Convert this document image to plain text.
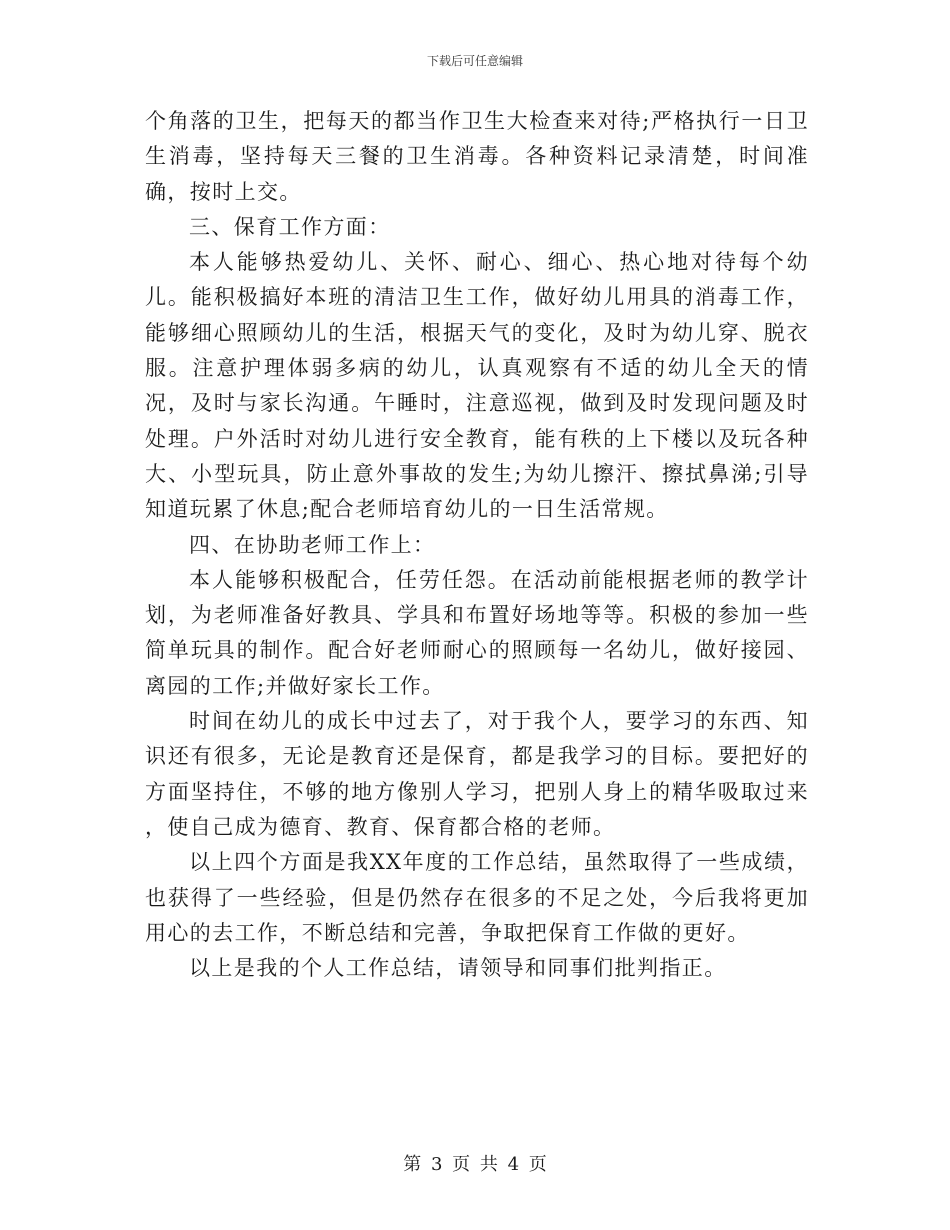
下载后可任意编辑

个角落的卫生，把每天的都当作卫生大检查来对待;严格执行一日卫生消毒，坚持每天三餐的卫生消毒。各种资料记录清楚，时间准确，按时上交。

三、保育工作方面：

本人能够热爱幼儿、关怀、耐心、细心、热心地对待每个幼儿。能积极搞好本班的清洁卫生工作，做好幼儿用具的消毒工作，能够细心照顾幼儿的生活，根据天气的变化，及时为幼儿穿、脱衣服。注意护理体弱多病的幼儿，认真观察有不适的幼儿全天的情况，及时与家长沟通。午睡时，注意巡视，做到及时发现问题及时处理。户外活时对幼儿进行安全教育，能有秩的上下楼以及玩各种大、小型玩具，防止意外事故的发生;为幼儿擦汗、擦拭鼻涕;引导知道玩累了休息;配合老师培育幼儿的一日生活常规。

四、在协助老师工作上：

本人能够积极配合，任劳任怨。在活动前能根据老师的教学计划，为老师准备好教具、学具和布置好场地等等。积极的参加一些简单玩具的制作。配合好老师耐心的照顾每一名幼儿，做好接园、离园的工作;并做好家长工作。

时间在幼儿的成长中过去了，对于我个人，要学习的东西、知识还有很多，无论是教育还是保育，都是我学习的目标。要把好的方面坚持住，不够的地方像别人学习，把别人身上的精华吸取过来 ，使自己成为德育、教育、保育都合格的老师。

以上四个方面是我XX年度的工作总结，虽然取得了一些成绩，也获得了一些经验，但是仍然存在很多的不足之处，今后我将更加用心的去工作，不断总结和完善，争取把保育工作做的更好。

以上是我的个人工作总结，请领导和同事们批判指正。

第 3 页 共 4 页
